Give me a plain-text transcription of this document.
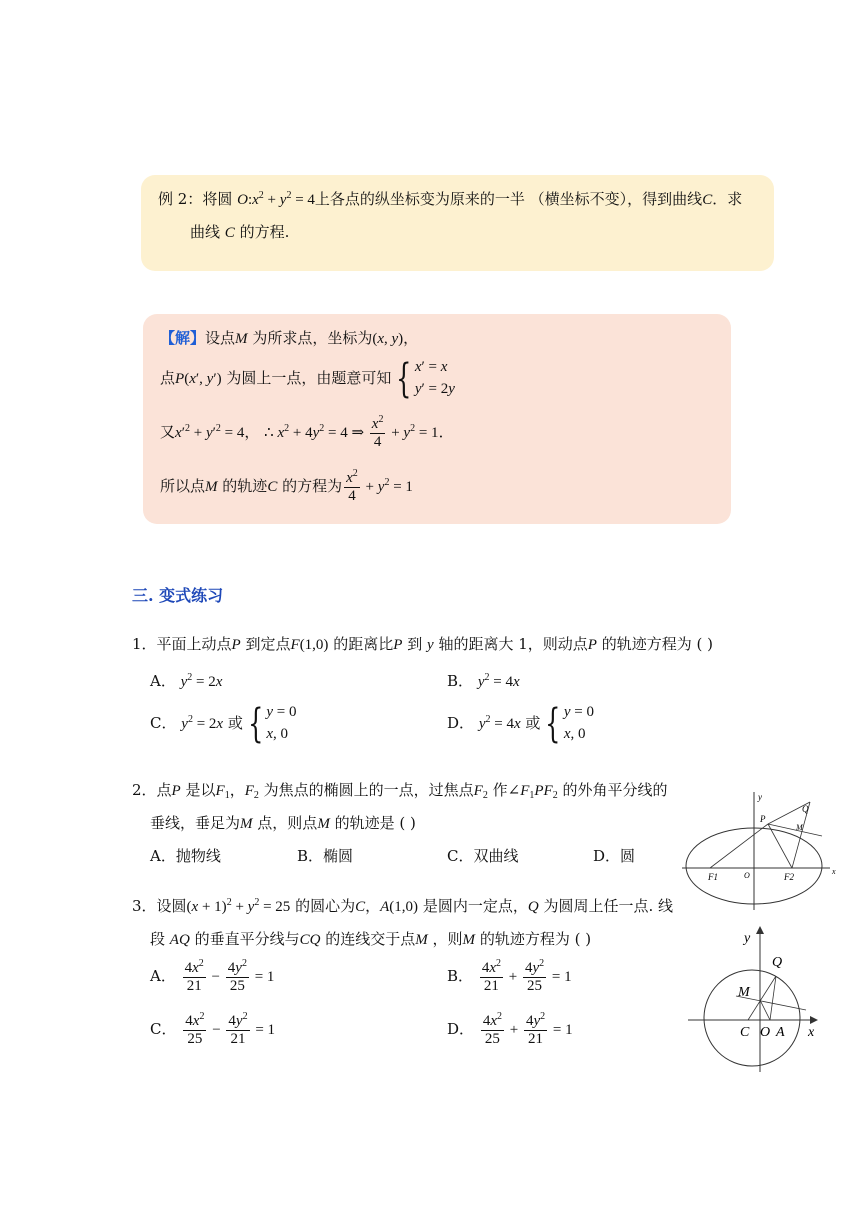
例 2：将圆 $O:x^2 + y^2 = 4$上各点的纵坐标变为原来的一半 （横坐标不变），得到曲线C．求
曲线 C 的方程.
【解】设点M 为所求点，坐标为(x, y)，
点P(x′, y′) 为圆上一点，由题意可知 { x′ = x
y′ = 2y
又$x'^2 + y'^2 = 4$， ∴ $x^2 + 4y^2 = 4$ ⇒ $\frac{x^2}{4} + y^2 = 1$．
所以点M 的轨迹C 的方程为 $\frac{x^2}{4} + y^2 = 1$
三. 变式练习
1．平面上动点P 到定点F(1,0) 的距离比P 到 y 轴的距离大 1，则动点P 的轨迹方程为 ( )
A． $y^2 = 2x$	B． $y^2 = 4x$
C． $y^2 = 2x$ 或 { y = 0
x, 0
D． $y^2 = 4x$ 或 { y = 0
x, 0
2．点P 是以$F_1$，$F_2$ 为焦点的椭圆上的一点，过焦点$F_2$ 作$\angle F_1PF_2$ 的外角平分线的
垂线，垂足为M 点，则点M 的轨迹是 ( )
A．抛物线	B．椭圆	C．双曲线	D．圆
y
Q
M
P
F1	O	F2
x
3．设圆$(x + 1)^2 + y^2 = 25$ 的圆心为C，A(1,0) 是圆内一定点，Q 为圆周上任一点. 线
段 AQ 的垂直平分线与CQ 的连线交于点M ，则M 的轨迹方程为 ( )
A． $\frac{4x^2}{21} - \frac{4y^2}{25} = 1$	B． $\frac{4x^2}{21} + \frac{4y^2}{25} = 1$
C． $\frac{4x^2}{25} - \frac{4y^2}{21} = 1$	D． $\frac{4x^2}{25} + \frac{4y^2}{21} = 1$
y
Q
M
C O A x
